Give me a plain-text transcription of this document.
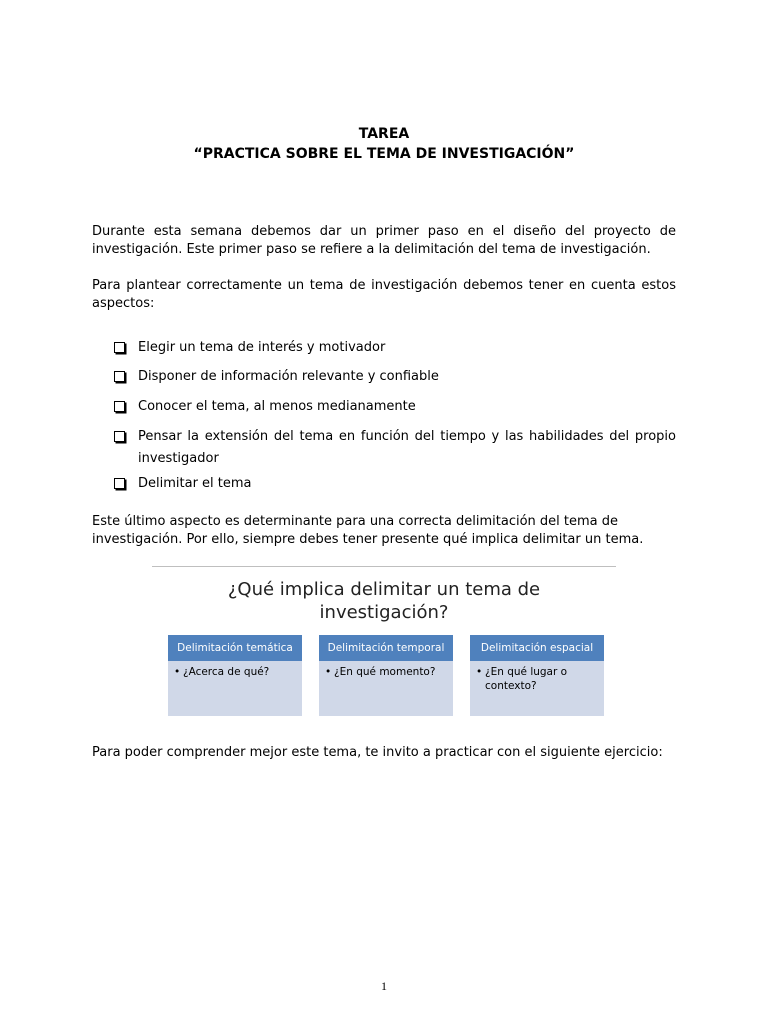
TAREA
“PRACTICA SOBRE EL TEMA DE INVESTIGACIÓN”
Durante esta semana debemos dar un primer paso en el diseño del proyecto de investigación. Este primer paso se refiere a la delimitación del tema de investigación.
Para plantear correctamente un tema de investigación debemos tener en cuenta estos aspectos:
Elegir un tema de interés y motivador
Disponer de información relevante y confiable
Conocer el tema, al menos medianamente
Pensar la extensión del tema en función del tiempo y las habilidades del propio investigador
Delimitar el tema
Este último aspecto es determinante para una correcta delimitación del tema de
investigación. Por ello, siempre debes tener presente qué implica delimitar un tema.
¿Qué implica delimitar un tema de
investigación?
Delimitación temática
• ¿Acerca de qué?
Delimitación temporal
• ¿En qué momento?
Delimitación espacial
• ¿En qué lugar o
contexto?
Para poder comprender mejor este tema, te invito a practicar con el siguiente ejercicio:
1
